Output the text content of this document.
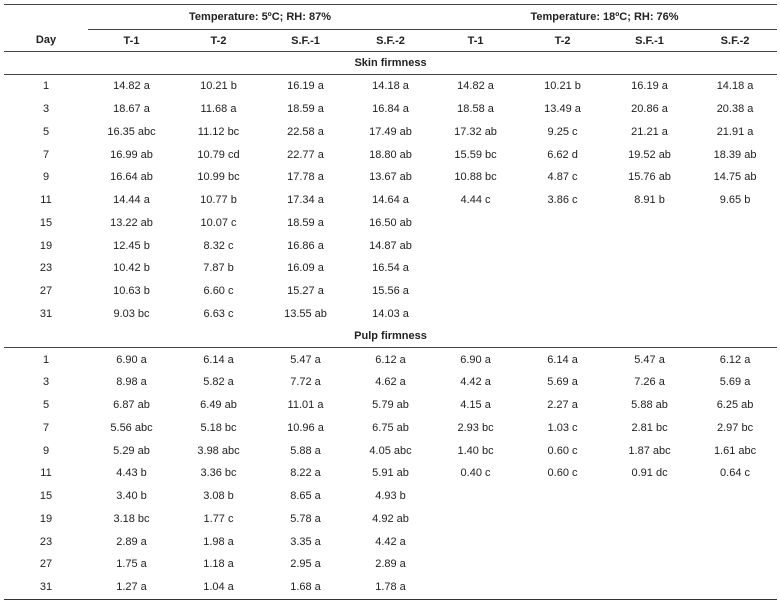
	Temperature: 5ºC; RH: 87%				Temperature: 18ºC; RH: 76%			
Day	T-1	T-2	S.F.-1	S.F.-2	T-1	T-2	S.F.-1	S.F.-2
Skin firmness								
1	14.82 a	10.21 b	16.19 a	14.18 a	14.82 a	10.21 b	16.19 a	14.18 a
3	18.67 a	11.68 a	18.59 a	16.84 a	18.58 a	13.49 a	20.86 a	20.38 a
5	16.35 abc	11.12 bc	22.58 a	17.49 ab	17.32 ab	9.25 c	21.21 a	21.91 a
7	16.99 ab	10.79 cd	22.77 a	18.80 ab	15.59 bc	6.62 d	19.52 ab	18.39 ab
9	16.64 ab	10.99 bc	17.78 a	13.67 ab	10.88 bc	4.87 c	15.76 ab	14.75 ab
11	14.44 a	10.77 b	17.34 a	14.64 a	4.44 c	3.86 c	8.91 b	9.65 b
15	13.22 ab	10.07 c	18.59 a	16.50 ab				
19	12.45 b	8.32 c	16.86 a	14.87 ab				
23	10.42 b	7.87 b	16.09 a	16.54 a				
27	10.63 b	6.60 c	15.27 a	15.56 a				
31	9.03 bc	6.63 c	13.55 ab	14.03 a				
Pulp firmness								
1	6.90 a	6.14 a	5.47 a	6.12 a	6.90 a	6.14 a	5.47 a	6.12 a
3	8.98 a	5.82 a	7.72 a	4.62 a	4.42 a	5.69 a	7.26 a	5.69 a
5	6.87 ab	6.49 ab	11.01 a	5.79 ab	4.15 a	2.27 a	5.88 ab	6.25 ab
7	5.56 abc	5.18 bc	10.96 a	6.75 ab	2.93 bc	1.03 c	2.81 bc	2.97 bc
9	5.29 ab	3.98 abc	5.88 a	4.05 abc	1.40 bc	0.60 c	1.87 abc	1.61 abc
11	4.43 b	3.36 bc	8.22 a	5.91 ab	0.40 c	0.60 c	0.91 dc	0.64 c
15	3.40 b	3.08 b	8.65 a	4.93 b				
19	3.18 bc	1.77 c	5.78 a	4.92 ab				
23	2.89 a	1.98 a	3.35 a	4.42 a				
27	1.75 a	1.18 a	2.95 a	2.89 a				
31	1.27 a	1.04 a	1.68 a	1.78 a				
